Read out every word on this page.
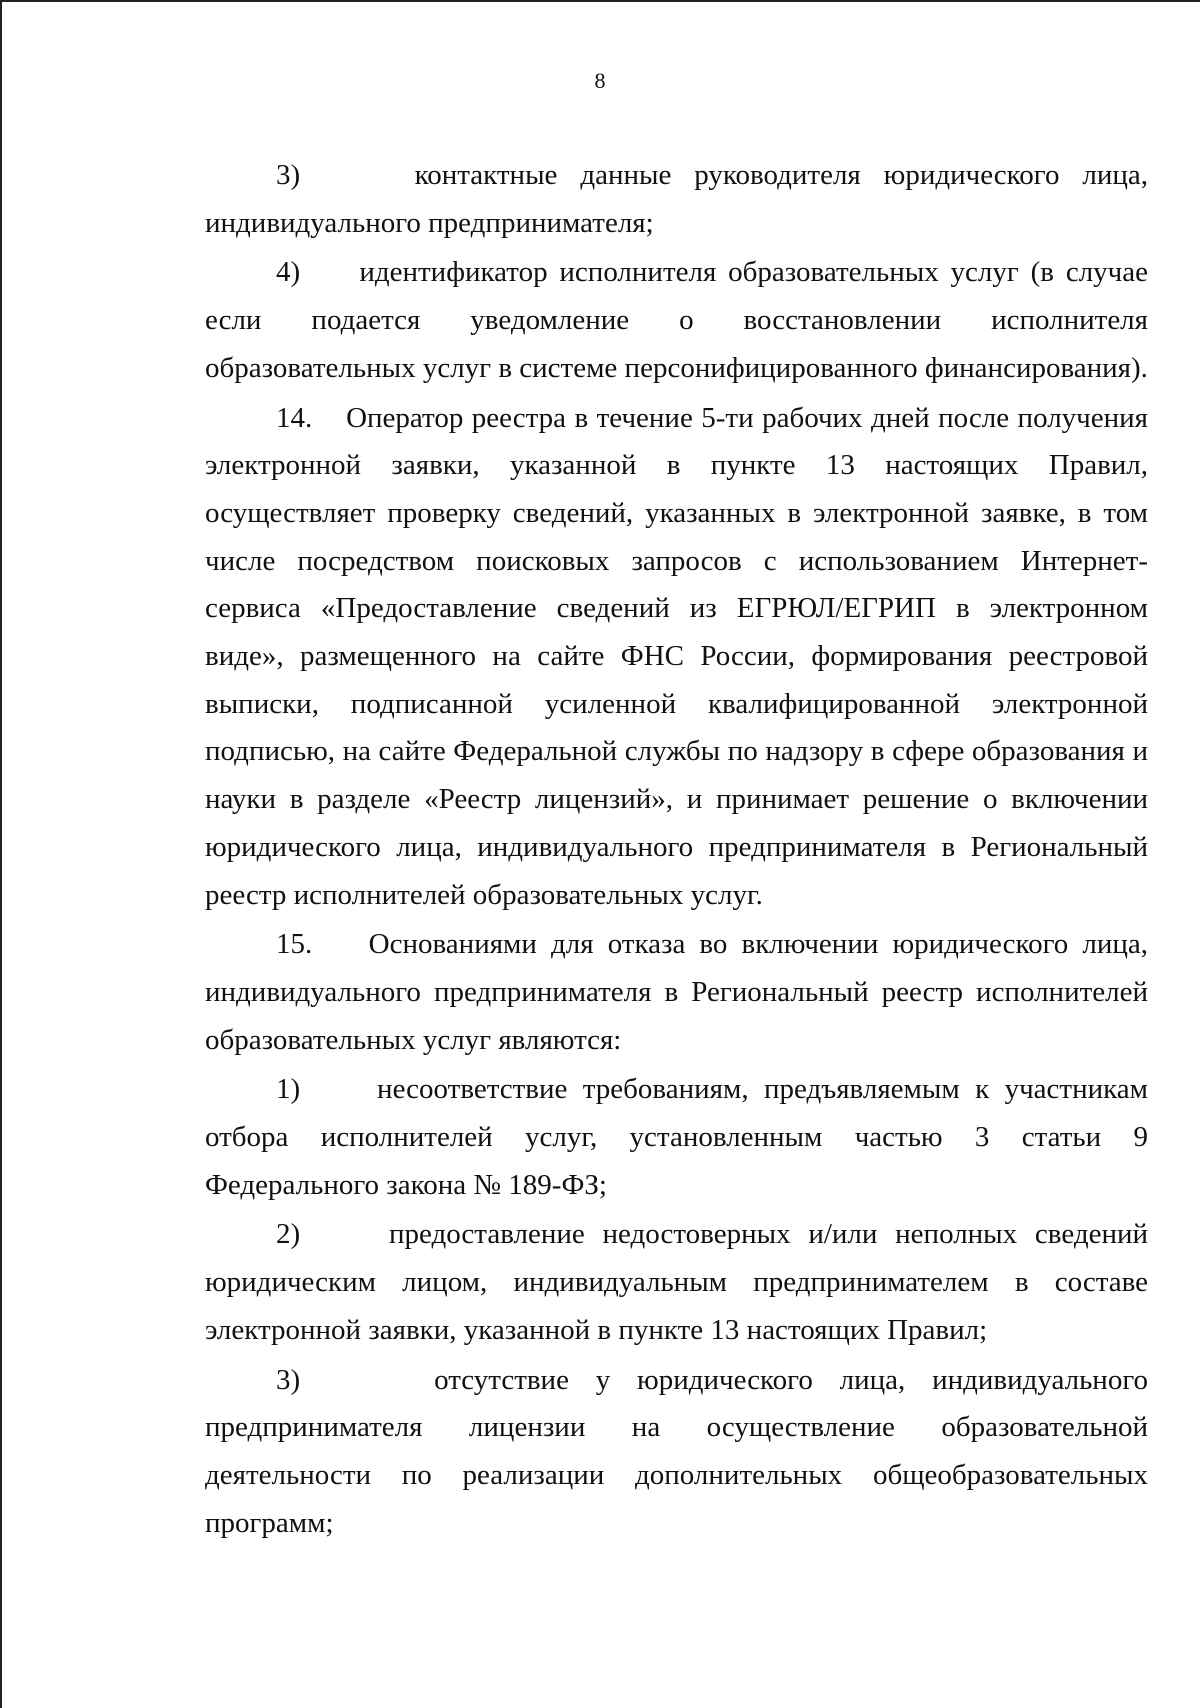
8

3)     контактные данные руководителя юридического лица, индивидуального предпринимателя;

4)     идентификатор исполнителя образовательных услуг (в случае если подается уведомление о восстановлении исполнителя образовательных услуг в системе персонифицированного финансирования).

14.    Оператор реестра в течение 5-ти рабочих дней после получения электронной заявки, указанной в пункте 13 настоящих Правил, осуществляет проверку сведений, указанных в электронной заявке, в том числе посредством поисковых запросов с использованием Интернет-сервиса «Предоставление сведений из ЕГРЮЛ/ЕГРИП в электронном виде», размещенного на сайте ФНС России, формирования реестровой выписки, подписанной усиленной квалифицированной электронной подписью, на сайте Федеральной службы по надзору в сфере образования и науки в разделе «Реестр лицензий», и принимает решение о включении юридического лица, индивидуального предпринимателя в Региональный реестр исполнителей образовательных услуг.

15.    Основаниями для отказа во включении юридического лица, индивидуального предпринимателя в Региональный реестр исполнителей образовательных услуг являются:

1)     несоответствие требованиям, предъявляемым к участникам отбора исполнителей услуг, установленным частью 3 статьи 9 Федерального закона № 189-ФЗ;

2)     предоставление недостоверных и/или неполных сведений юридическим лицом, индивидуальным предпринимателем в составе электронной заявки, указанной в пункте 13 настоящих Правил;

3)     отсутствие у юридического лица, индивидуального предпринимателя лицензии на осуществление образовательной деятельности по реализации дополнительных общеобразовательных программ;
